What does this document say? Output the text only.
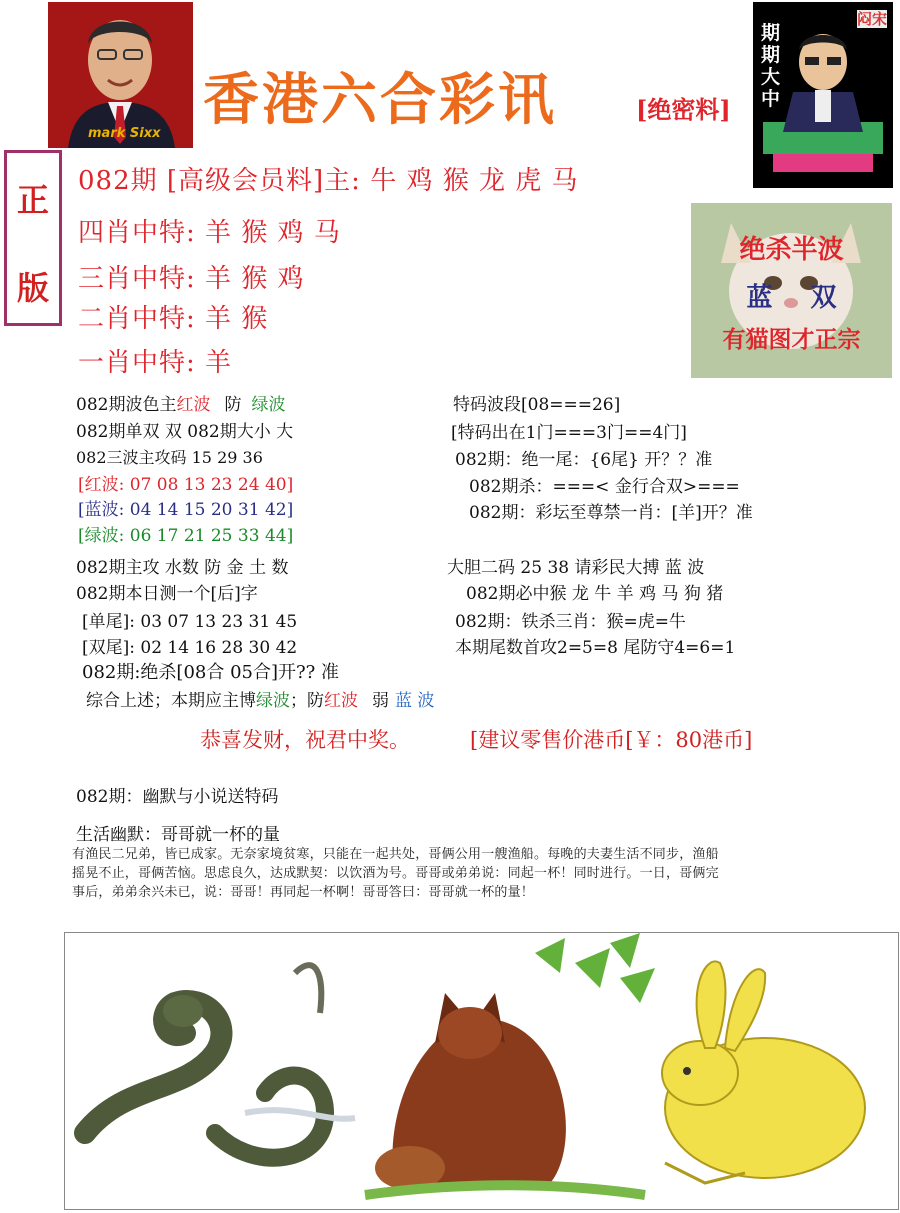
mark Sixx
香港六合彩讯	[绝密料]
期期大中
闷宋
正
版
082期 [高级会员料]主: 牛 鸡 猴 龙 虎 马
四肖中特: 羊 猴 鸡 马
三肖中特: 羊 猴 鸡
二肖中特: 羊 猴
一肖中特: 羊
绝杀半波
蓝 双
有猫图才正宗
082期波色主红波 防 绿波
082期单双 双 082期大小 大
082三波主攻码 15 29 36
[红波: 07 08 13 23 24 40]
[蓝波: 04 14 15 20 31 42]
[绿波: 06 17 21 25 33 44]
082期主攻 水数 防 金 土 数
082期本日测一个[后]字
[单尾]: 03 07 13 23 31 45
[双尾]: 02 14 16 28 30 42
082期:绝杀[08合 05合]开?? 准
综合上述；本期应主博绿波；防红波 弱 蓝 波
特码波段[08===26]
[特码出在1门===3门==4门]
082期：绝一尾：{6尾} 开？？准
082期杀：===< 金行合双>===
082期：彩坛至尊禁一肖：[羊]开？准
大胆二码 25 38 请彩民大搏 蓝 波
082期必中猴 龙 牛 羊 鸡 马 狗 猪
082期：铁杀三肖：猴=虎=牛
本期尾数首攻2=5=8 尾防守4=6=1
恭喜发财，祝君中奖。	[建议零售价港币[￥：80港币]
082期：幽默与小说送特码
生活幽默：哥哥就一杯的量
有渔民二兄弟，皆已成家。无奈家境贫寒，只能在一起共处，哥俩公用一艘渔船。每晚的夫妻生活不同步，渔船
摇晃不止，哥俩苦恼。思虑良久，达成默契：以饮酒为号。哥哥或弟弟说：同起一杯！同时进行。一日，哥俩完
事后，弟弟余兴未已，说：哥哥！再同起一杯啊！哥哥答曰：哥哥就一杯的量！
